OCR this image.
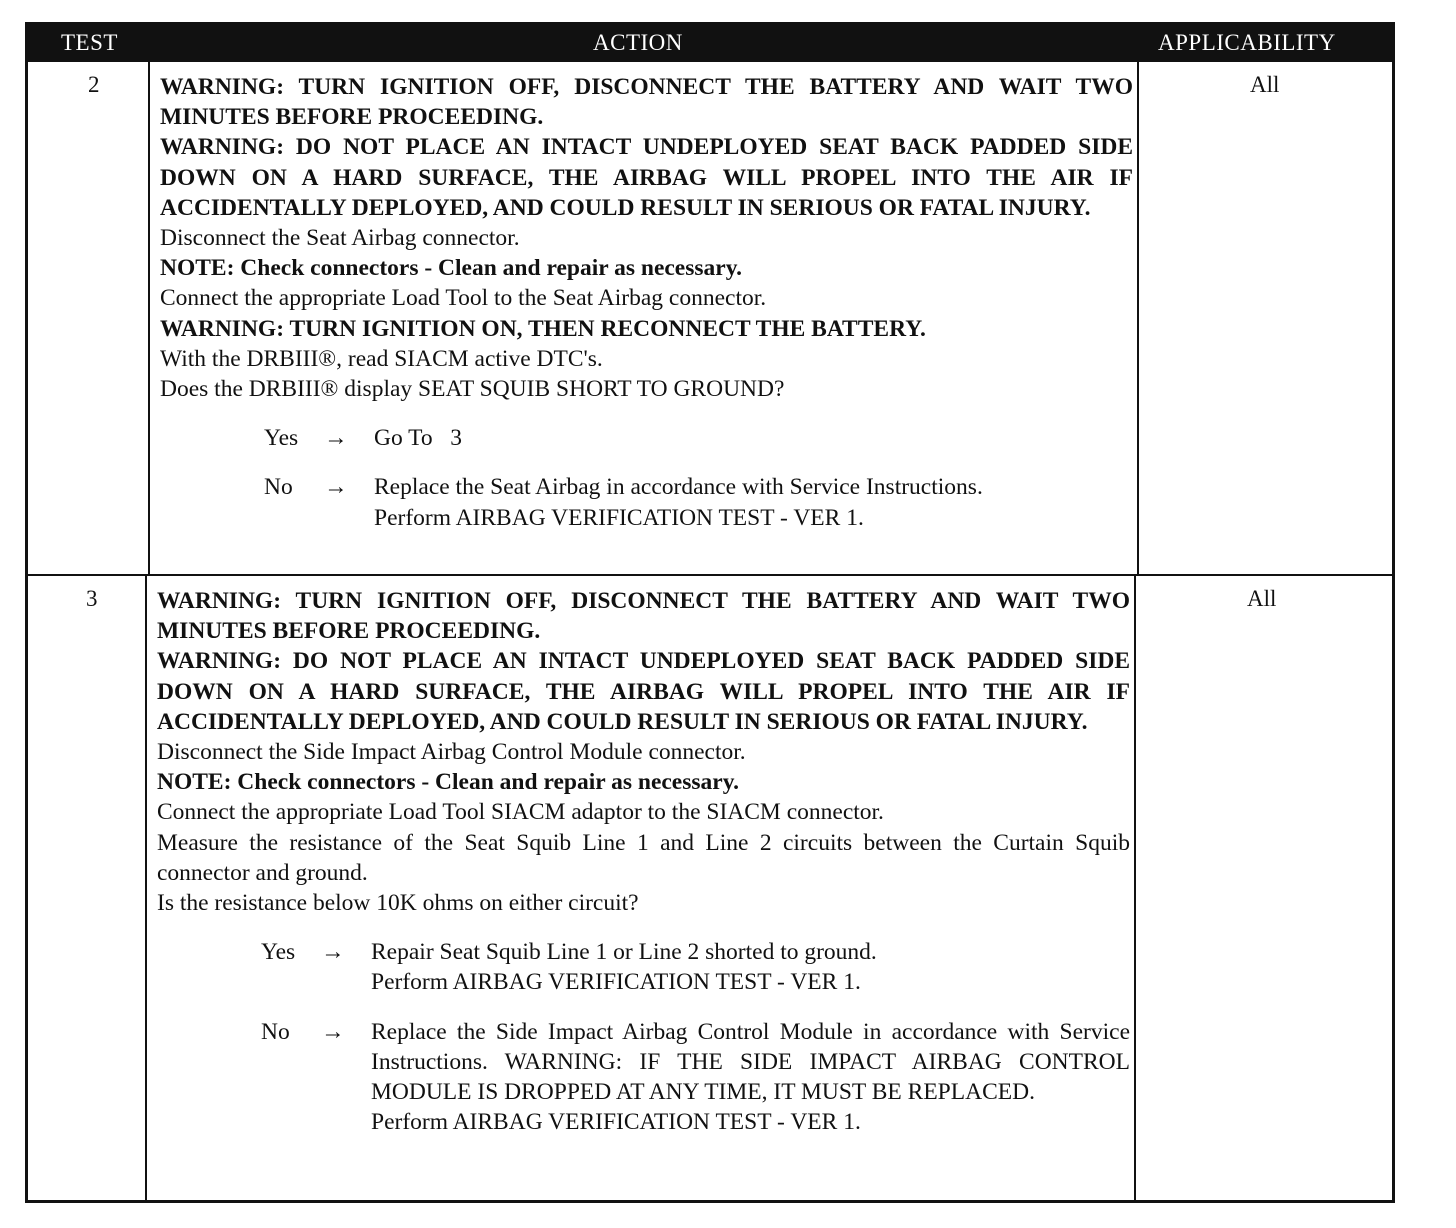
TEST	ACTION	APPLICABILITY
2	WARNING: TURN IGNITION OFF, DISCONNECT THE BATTERY AND WAIT TWO MINUTES BEFORE PROCEEDING.

WARNING: DO NOT PLACE AN INTACT UNDEPLOYED SEAT BACK PADDED SIDE DOWN ON A HARD SURFACE, THE AIRBAG WILL PROPEL INTO THE AIR IF ACCIDENTALLY DEPLOYED, AND COULD RESULT IN SERIOUS OR FATAL INJURY.

Disconnect the Seat Airbag connector.

NOTE: Check connectors - Clean and repair as necessary.

Connect the appropriate Load Tool to the Seat Airbag connector.

WARNING: TURN IGNITION ON, THEN RECONNECT THE BATTERY.

With the DRBIII®, read SIACM active DTC's.

Does the DRBIII® display SEAT SQUIB SHORT TO GROUND?

Yes	→	Go To   3
No	→	Replace the Seat Airbag in accordance with Service Instructions.
Perform AIRBAG VERIFICATION TEST - VER 1.
All
3	WARNING: TURN IGNITION OFF, DISCONNECT THE BATTERY AND WAIT TWO MINUTES BEFORE PROCEEDING.

WARNING: DO NOT PLACE AN INTACT UNDEPLOYED SEAT BACK PADDED SIDE DOWN ON A HARD SURFACE, THE AIRBAG WILL PROPEL INTO THE AIR IF ACCIDENTALLY DEPLOYED, AND COULD RESULT IN SERIOUS OR FATAL INJURY.

Disconnect the Side Impact Airbag Control Module connector.

NOTE: Check connectors - Clean and repair as necessary.

Connect the appropriate Load Tool SIACM adaptor to the SIACM connector.

Measure the resistance of the Seat Squib Line 1 and Line 2 circuits between the Curtain Squib connector and ground.

Is the resistance below 10K ohms on either circuit?

Yes	→	Repair Seat Squib Line 1 or Line 2 shorted to ground.
Perform AIRBAG VERIFICATION TEST - VER 1.
No	→	Replace the Side Impact Airbag Control Module in accordance with Service Instructions. WARNING: IF THE SIDE IMPACT AIRBAG CONTROL MODULE IS DROPPED AT ANY TIME, IT MUST BE REPLACED.
Perform AIRBAG VERIFICATION TEST - VER 1.
All
